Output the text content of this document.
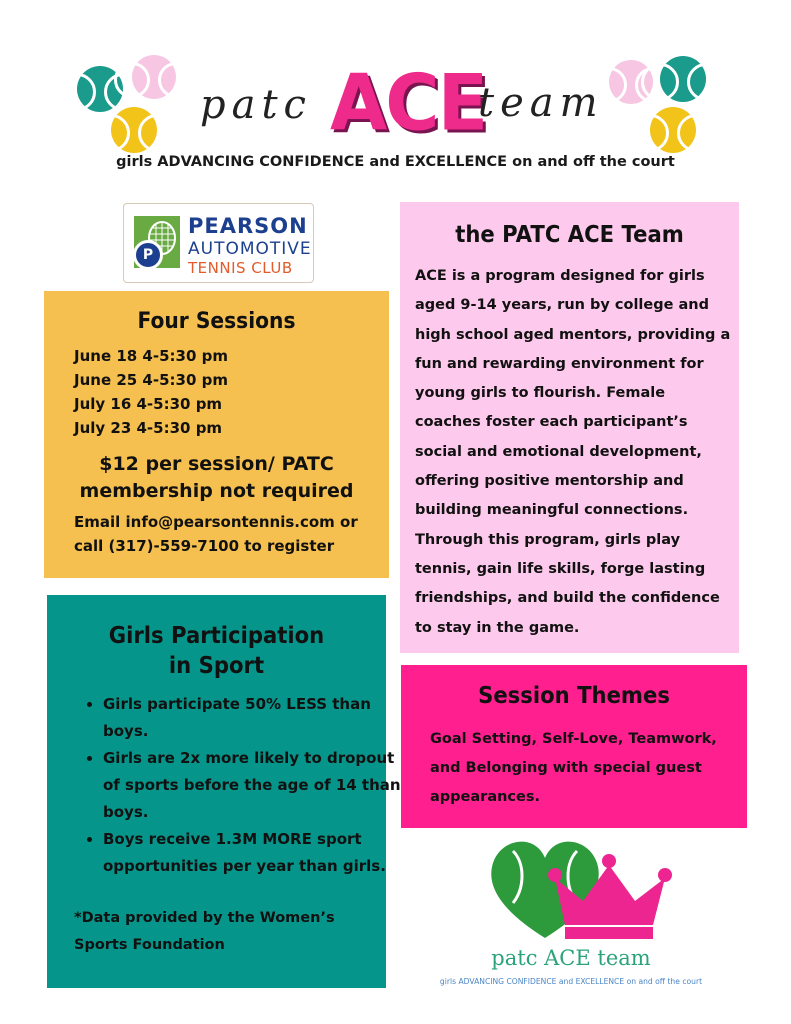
patc ACE
team
girls ADVANCING CONFIDENCE and EXCELLENCE on and off the court
P
PEARSON
AUTOMOTIVE
TENNIS CLUB
Four Sessions
June 18 4-5:30 pm
June 25 4-5:30 pm
July 16 4-5:30 pm
July 23 4-5:30 pm
$12 per session/ PATC
membership not required
Email info@pearsontennis.com or
call (317)-559-7100 to register
the PATC ACE Team
ACE is a program designed for girls aged 9-14 years, run by college and high school aged mentors, providing a fun and rewarding environment for young girls to flourish. Female coaches foster each participant’s social and emotional development, offering positive mentorship and building meaningful connections. Through this program, girls play tennis, gain life skills, forge lasting friendships, and build the confidence to stay in the game.
Girls Participation
in Sport
• Girls participate 50% LESS than boys.
• Girls are 2x more likely to dropout of sports before the age of 14 than boys.
• Boys receive 1.3M MORE sport opportunities per year than girls.
*Data provided by the Women’s Sports Foundation
Session Themes
Goal Setting, Self-Love, Teamwork, and Belonging with special guest appearances.
patc ACE team
girls ADVANCING CONFIDENCE and EXCELLENCE on and off the court
